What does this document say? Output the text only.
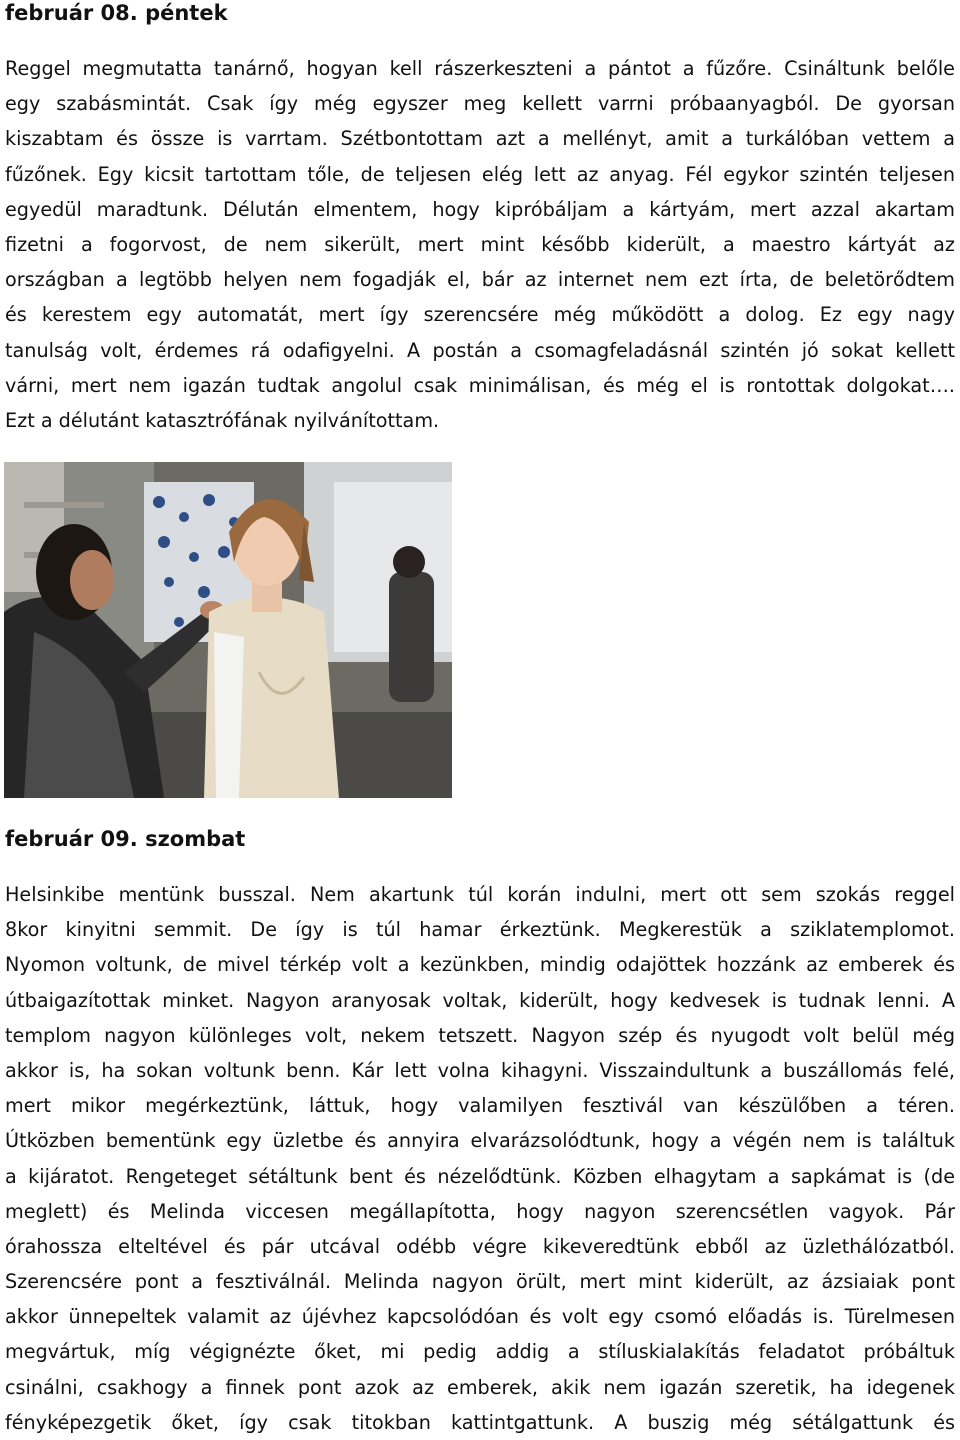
február 08. péntek
Reggel megmutatta tanárnő, hogyan kell rászerkeszteni a pántot a fűzőre. Csináltunk belőle
egy szabásmintát. Csak így még egyszer meg kellett varrni próbaanyagból. De gyorsan
kiszabtam és össze is varrtam. Szétbontottam azt a mellényt, amit a turkálóban vettem a
fűzőnek. Egy kicsit tartottam tőle, de teljesen elég lett az anyag. Fél egykor szintén teljesen
egyedül maradtunk. Délután elmentem, hogy kipróbáljam a kártyám, mert azzal akartam
fizetni a fogorvost, de nem sikerült, mert mint később kiderült, a maestro kártyát az
országban a legtöbb helyen nem fogadják el, bár az internet nem ezt írta, de beletörődtem
és kerestem egy automatát, mert így szerencsére még működött a dolog. Ez egy nagy
tanulság volt, érdemes rá odafigyelni. A postán a csomagfeladásnál szintén jó sokat kellett
várni, mert nem igazán tudtak angolul csak minimálisan, és még el is rontottak dolgokat….
Ezt a délutánt katasztrófának nyilvánítottam.
február 09. szombat
Helsinkibe mentünk busszal. Nem akartunk túl korán indulni, mert ott sem szokás reggel
8kor kinyitni semmit. De így is túl hamar érkeztünk. Megkerestük a sziklatemplomot.
Nyomon voltunk, de mivel térkép volt a kezünkben, mindig odajöttek hozzánk az emberek és
útbaigazítottak minket. Nagyon aranyosak voltak, kiderült, hogy kedvesek is tudnak lenni. A
templom nagyon különleges volt, nekem tetszett. Nagyon szép és nyugodt volt belül még
akkor is, ha sokan voltunk benn. Kár lett volna kihagyni. Visszaindultunk a buszállomás felé,
mert mikor megérkeztünk, láttuk, hogy valamilyen fesztivál van készülőben a téren.
Útközben bementünk egy üzletbe és annyira elvarázsolódtunk, hogy a végén nem is találtuk
a kijáratot. Rengeteget sétáltunk bent és nézelődtünk. Közben elhagytam a sapkámat is (de
meglett) és Melinda viccesen megállapította, hogy nagyon szerencsétlen vagyok. Pár
órahossza elteltével és pár utcával odébb végre kikeveredtünk ebből az üzlethálózatból.
Szerencsére pont a fesztiválnál. Melinda nagyon örült, mert mint kiderült, az ázsiaiak pont
akkor ünnepeltek valamit az újévhez kapcsolódóan és volt egy csomó előadás is. Türelmesen
megvártuk, míg végignézte őket, mi pedig addig a stíluskialakítás feladatot próbáltuk
csinálni, csakhogy a finnek pont azok az emberek, akik nem igazán szeretik, ha idegenek
fényképezgetik őket, így csak titokban kattintgattunk. A buszig még sétálgattunk és
